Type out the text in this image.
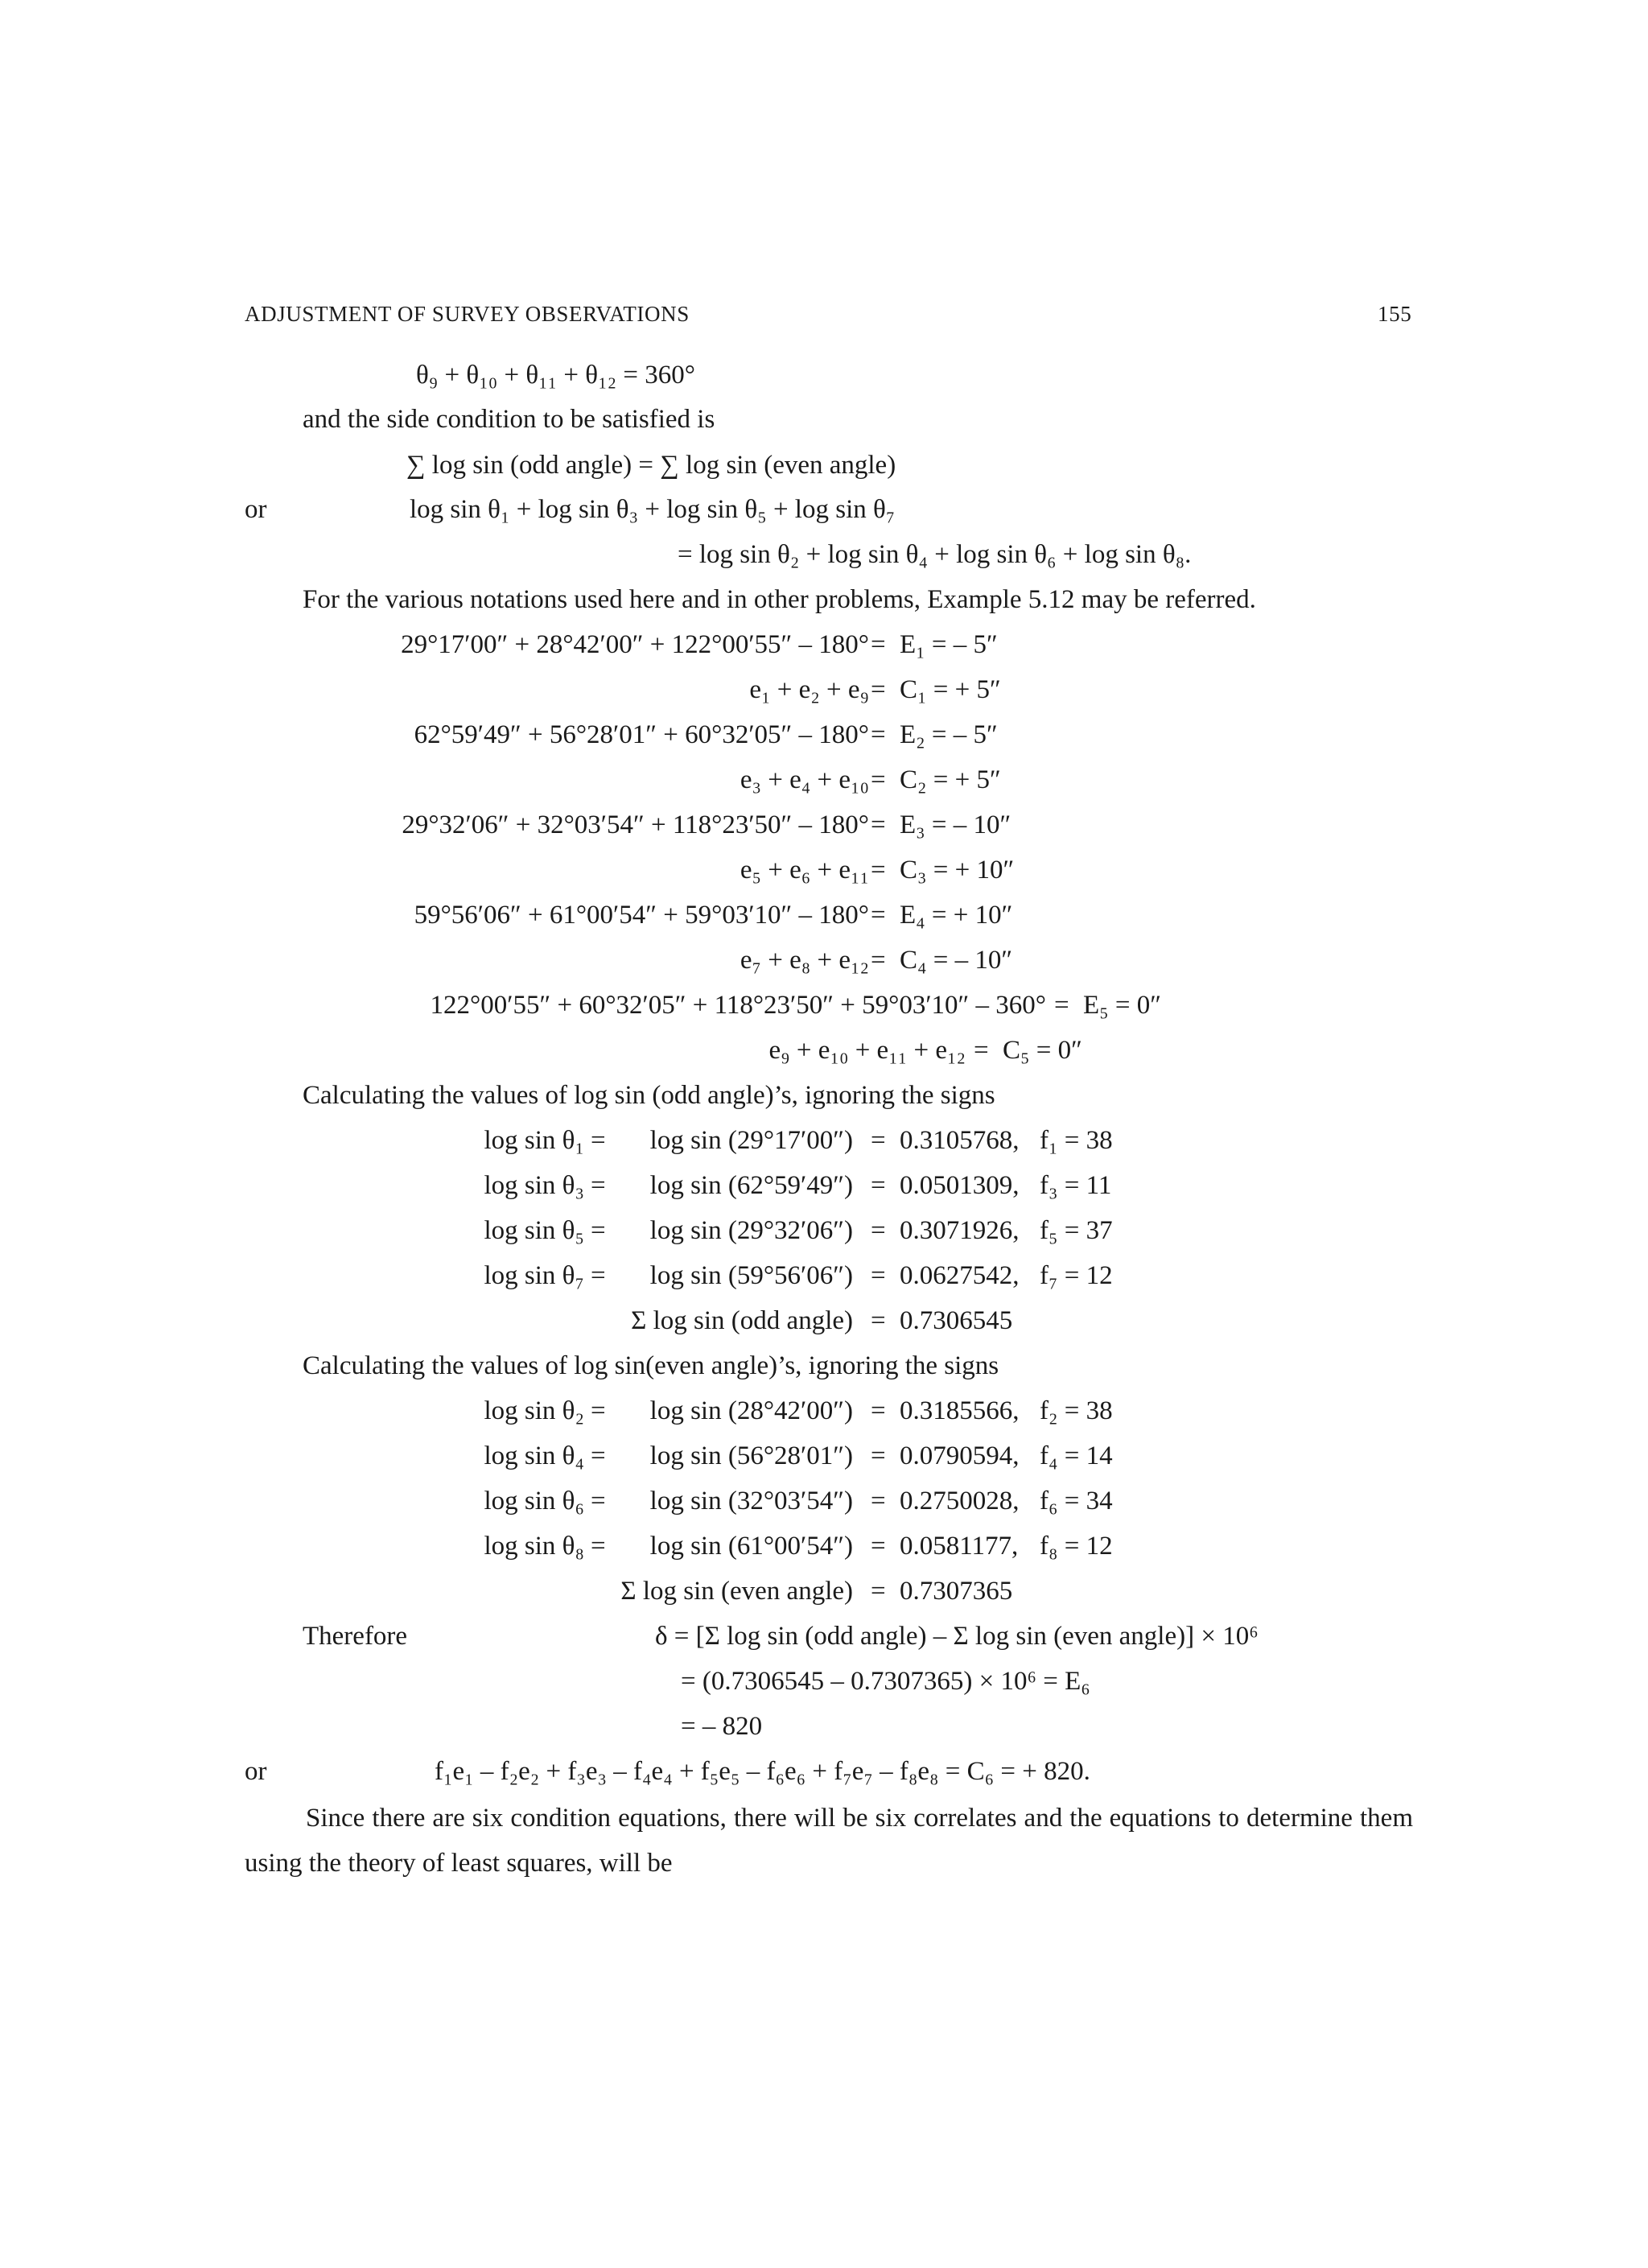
ADJUSTMENT OF SURVEY OBSERVATIONS	155
θ₉ + θ₁₀ + θ₁₁ + θ₁₂ = 360°
and the side condition to be satisfied is
∑ log sin (odd angle) = ∑ log sin (even angle)
or	log sin θ₁ + log sin θ₃ + log sin θ₅ + log sin θ₇
= log sin θ₂ + log sin θ₄ + log sin θ₆ + log sin θ₈.
For the various notations used here and in other problems, Example 5.12 may be referred.
29°17′00″ + 28°42′00″ + 122°00′55″ – 180° = E₁ = – 5″
e₁ + e₂ + e₉ = C₁ = + 5″
62°59′49″ + 56°28′01″ + 60°32′05″ – 180° = E₂ = – 5″
e₃ + e₄ + e₁₀ = C₂ = + 5″
29°32′06″ + 32°03′54″ + 118°23′50″ – 180° = E₃ = – 10″
e₅ + e₆ + e₁₁ = C₃ = + 10″
59°56′06″ + 61°00′54″ + 59°03′10″ – 180° = E₄ = + 10″
e₇ + e₈ + e₁₂ = C₄ = – 10″
122°00′55″ + 60°32′05″ + 118°23′50″ + 59°03′10″ – 360° = E₅ = 0″
e₉ + e₁₀ + e₁₁ + e₁₂ = C₅ = 0″
Calculating the values of log sin (odd angle)’s, ignoring the signs
log sin θ₁ =	log sin (29°17′00″) = 0.3105768, f₁ = 38
log sin θ₃ =	log sin (62°59′49″) = 0.0501309, f₃ = 11
log sin θ₅ =	log sin (29°32′06″) = 0.3071926, f₅ = 37
log sin θ₇ =	log sin (59°56′06″) = 0.0627542, f₇ = 12
Σ log sin (odd angle) = 0.7306545
Calculating the values of log sin(even angle)’s, ignoring the signs
log sin θ₂ =	log sin (28°42′00″) = 0.3185566, f₂ = 38
log sin θ₄ =	log sin (56°28′01″) = 0.0790594, f₄ = 14
log sin θ₆ =	log sin (32°03′54″) = 0.2750028, f₆ = 34
log sin θ₈ =	log sin (61°00′54″) = 0.0581177, f₈ = 12
Σ log sin (even angle) = 0.7307365
Therefore	δ = [Σ log sin (odd angle) – Σ log sin (even angle)] × 10⁶
= (0.7306545 – 0.7307365) × 10⁶ = E₆
= – 820
or	f₁e₁ – f₂e₂ + f₃e₃ – f₄e₄ + f₅e₅ – f₆e₆ + f₇e₇ – f₈e₈ = C₆ = + 820.
Since there are six condition equations, there will be six correlates and the equations to determine them using the theory of least squares, will be
